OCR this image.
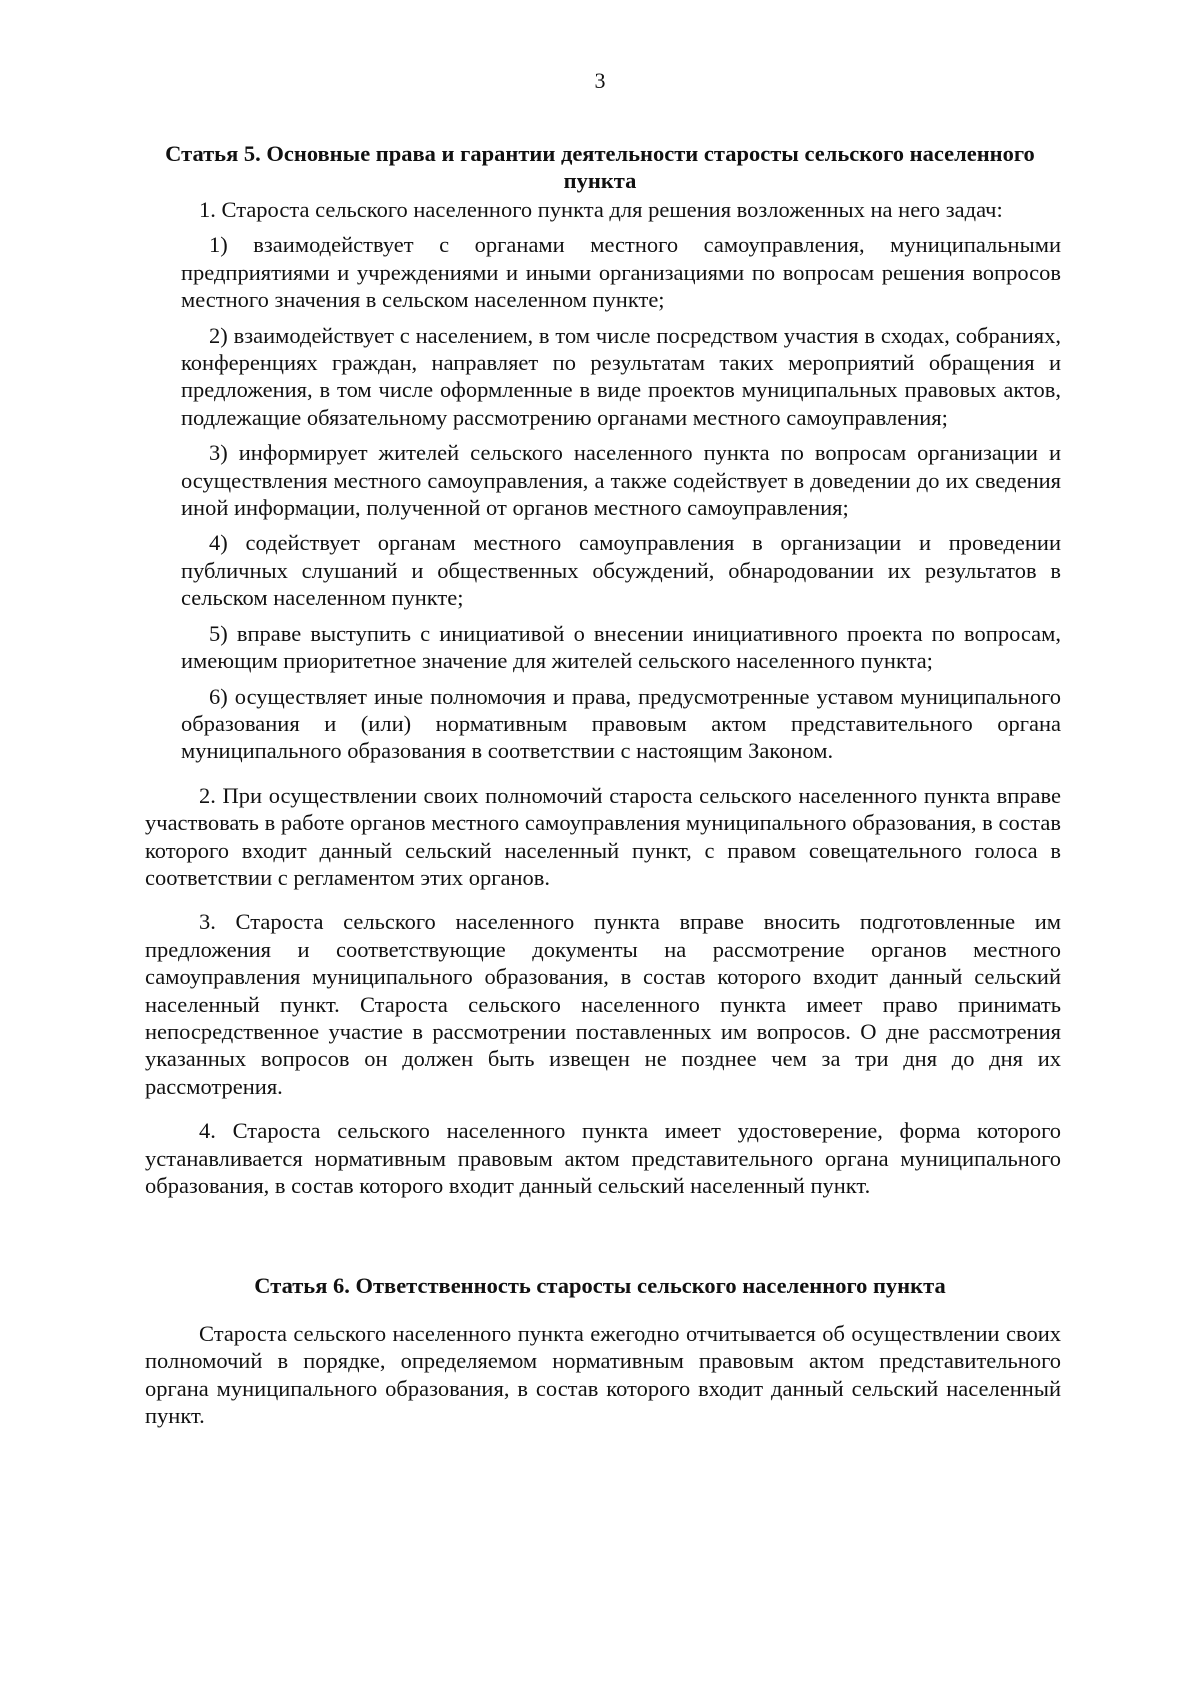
3
Статья 5. Основные права и гарантии деятельности старосты сельского населенного пункта

1. Староста сельского населенного пункта для решения возложенных на него задач:

1) взаимодействует с органами местного самоуправления, муниципальными предприятиями и учреждениями и иными организациями по вопросам решения вопросов местного значения в сельском населенном пункте;
2) взаимодействует с населением, в том числе посредством участия в сходах, собраниях, конференциях граждан, направляет по результатам таких мероприятий обращения и предложения, в том числе оформленные в виде проектов муниципальных правовых актов, подлежащие обязательному рассмотрению органами местного самоуправления;
3) информирует жителей сельского населенного пункта по вопросам организации и осуществления местного самоуправления, а также содействует в доведении до их сведения иной информации, полученной от органов местного самоуправления;
4) содействует органам местного самоуправления в организации и проведении публичных слушаний и общественных обсуждений, обнародовании их результатов в сельском населенном пункте;
5) вправе выступить с инициативой о внесении инициативного проекта по вопросам, имеющим приоритетное значение для жителей сельского населенного пункта;
6) осуществляет иные полномочия и права, предусмотренные уставом муниципального образования и (или) нормативным правовым актом представительного органа муниципального образования в соответствии с настоящим Законом.

2. При осуществлении своих полномочий староста сельского населенного пункта вправе участвовать в работе органов местного самоуправления муниципального образования, в состав которого входит данный сельский населенный пункт, с правом совещательного голоса в соответствии с регламентом этих органов.

3. Староста сельского населенного пункта вправе вносить подготовленные им предложения и соответствующие документы на рассмотрение органов местного самоуправления муниципального образования, в состав которого входит данный сельский населенный пункт. Староста сельского населенного пункта имеет право принимать непосредственное участие в рассмотрении поставленных им вопросов. О дне рассмотрения указанных вопросов он должен быть извещен не позднее чем за три дня до дня их рассмотрения.

4. Староста сельского населенного пункта имеет удостоверение, форма которого устанавливается нормативным правовым актом представительного органа муниципального образования, в состав которого входит данный сельский населенный пункт.

Статья 6. Ответственность старосты сельского населенного пункта

Староста сельского населенного пункта ежегодно отчитывается об осуществлении своих полномочий в порядке, определяемом нормативным правовым актом представительного органа муниципального образования, в состав которого входит данный сельский населенный пункт.
